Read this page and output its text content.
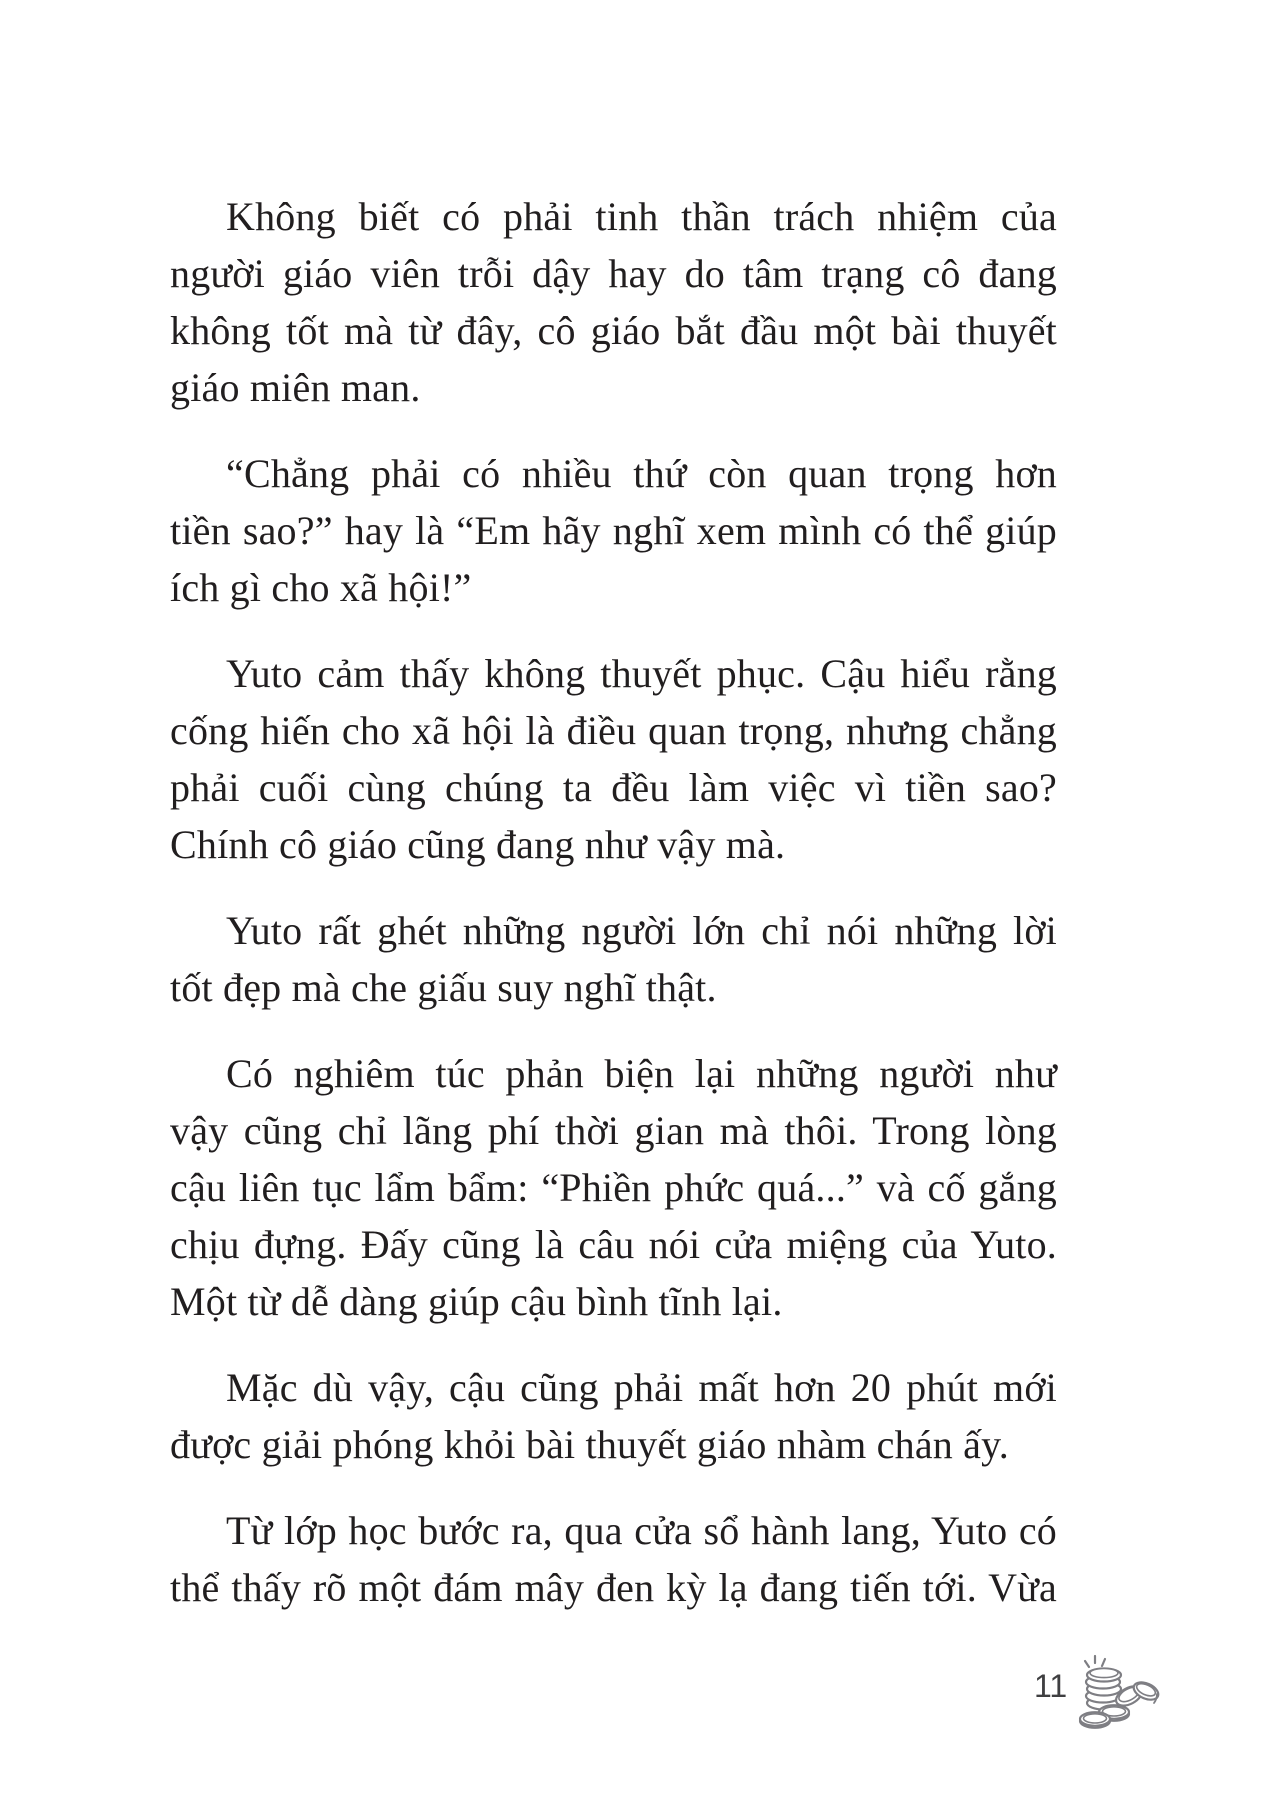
Không biết có phải tinh thần trách nhiệm của
người giáo viên trỗi dậy hay do tâm trạng cô đang
không tốt mà từ đây, cô giáo bắt đầu một bài thuyết
giáo miên man.
“Chẳng phải có nhiều thứ còn quan trọng hơn
tiền sao?” hay là “Em hãy nghĩ xem mình có thể giúp
ích gì cho xã hội!”
Yuto cảm thấy không thuyết phục. Cậu hiểu rằng
cống hiến cho xã hội là điều quan trọng, nhưng chẳng
phải cuối cùng chúng ta đều làm việc vì tiền sao?
Chính cô giáo cũng đang như vậy mà.
Yuto rất ghét những người lớn chỉ nói những lời
tốt đẹp mà che giấu suy nghĩ thật.
Có nghiêm túc phản biện lại những người như
vậy cũng chỉ lãng phí thời gian mà thôi. Trong lòng
cậu liên tục lẩm bẩm: “Phiền phức quá...” và cố gắng
chịu đựng. Đấy cũng là câu nói cửa miệng của Yuto.
Một từ dễ dàng giúp cậu bình tĩnh lại.
Mặc dù vậy, cậu cũng phải mất hơn 20 phút mới
được giải phóng khỏi bài thuyết giáo nhàm chán ấy.
Từ lớp học bước ra, qua cửa sổ hành lang, Yuto có
thể thấy rõ một đám mây đen kỳ lạ đang tiến tới. Vừa
11
